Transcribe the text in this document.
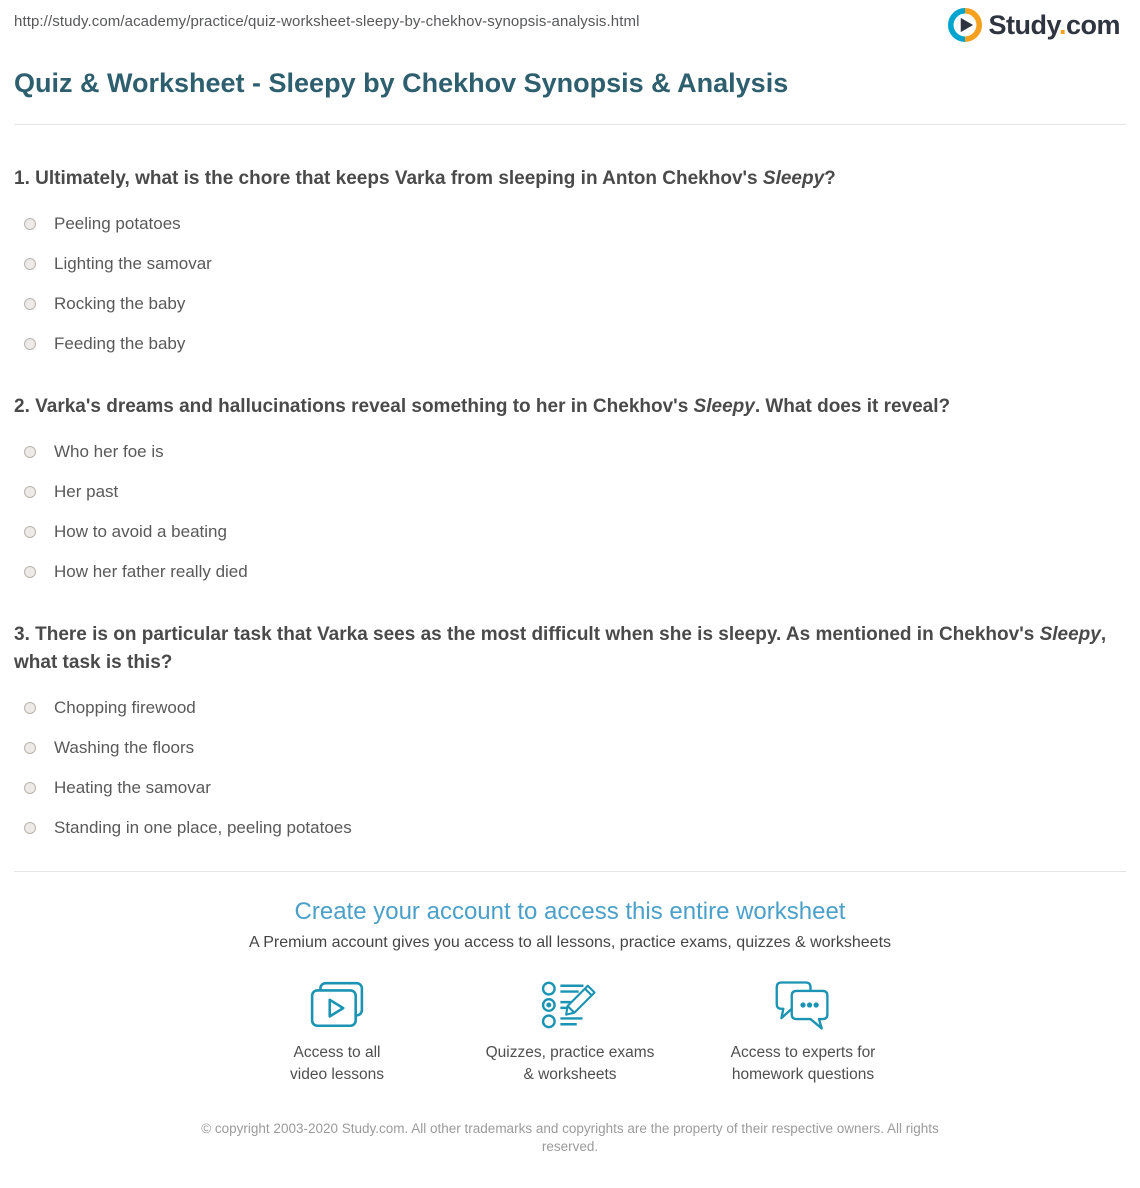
http://study.com/academy/practice/quiz-worksheet-sleepy-by-chekhov-synopsis-analysis.html	Study.com
Quiz & Worksheet - Sleepy by Chekhov Synopsis & Analysis

1. Ultimately, what is the chore that keeps Varka from sleeping in Anton Chekhov's Sleepy?

Peeling potatoes
Lighting the samovar
Rocking the baby
Feeding the baby

2. Varka's dreams and hallucinations reveal something to her in Chekhov's Sleepy. What does it reveal?

Who her foe is
Her past
How to avoid a beating
How her father really died

3. There is on particular task that Varka sees as the most difficult when she is sleepy. As mentioned in Chekhov's Sleepy, what task is this?

Chopping firewood
Washing the floors
Heating the samovar
Standing in one place, peeling potatoes
Create your account to access this entire worksheet
A Premium account gives you access to all lessons, practice exams, quizzes & worksheets
Access to all
video lessons
Quizzes, practice exams
& worksheets
Access to experts for
homework questions
© copyright 2003-2020 Study.com. All other trademarks and copyrights are the property of their respective owners. All rights reserved.
